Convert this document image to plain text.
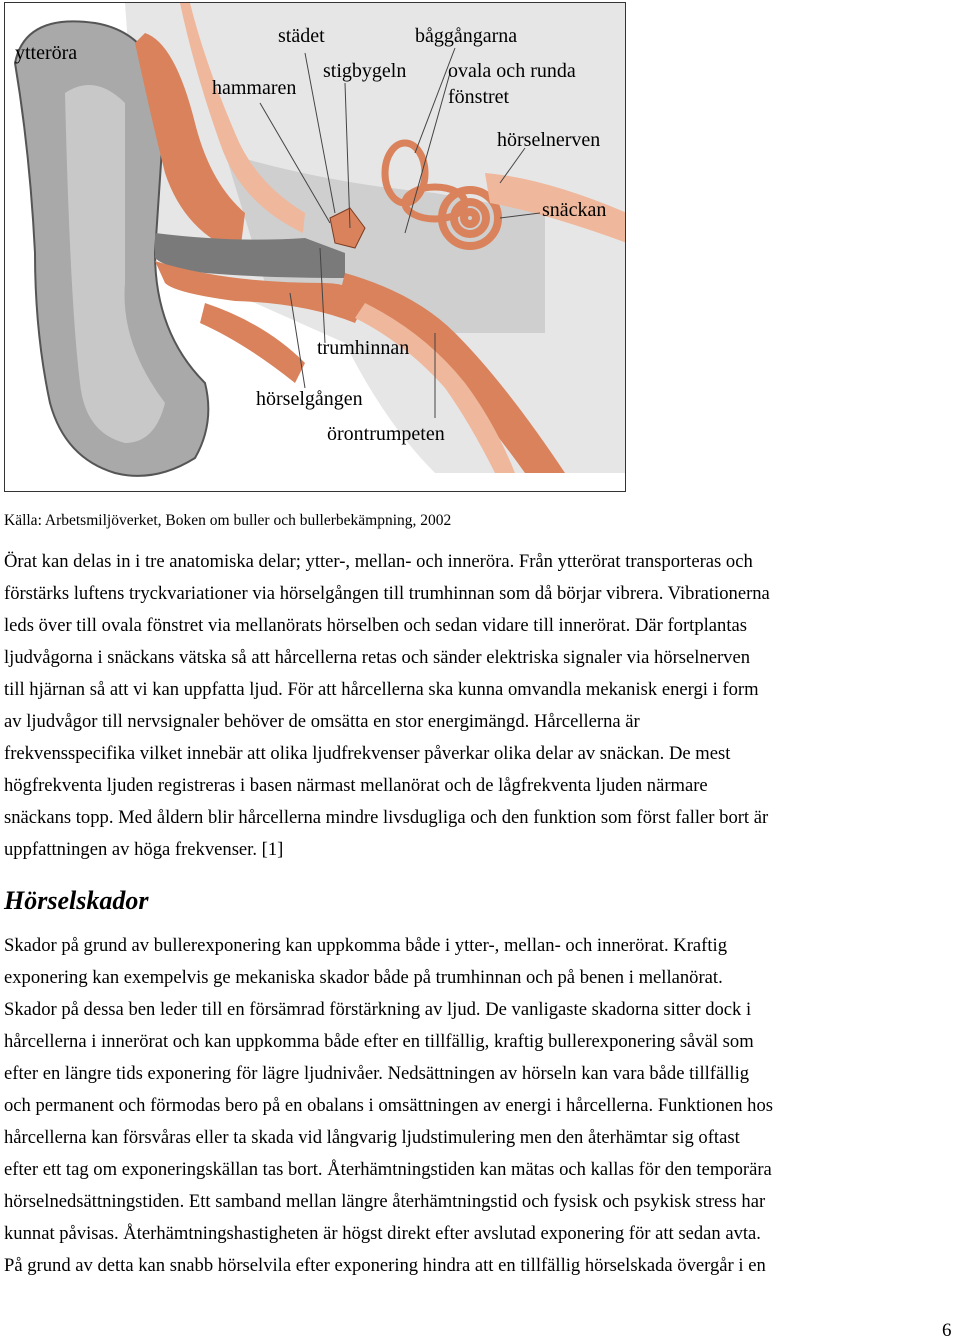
ytteröra
städet	båggångarna
hammaren
stigbygeln ovala och runda
fönstret
hörselnerven
snäckan
trumhinnan
hörselgången
örontrumpeten
Källa: Arbetsmiljöverket, Boken om buller och bullerbekämpning, 2002

Örat kan delas in i tre anatomiska delar; ytter-, mellan- och inneröra. Från ytterörat transporteras och

förstärks luftens tryckvariationer via hörselgången till trumhinnan som då börjar vibrera. Vibrationerna

leds över till ovala fönstret via mellanörats hörselben och sedan vidare till innerörat. Där fortplantas

ljudvågorna i snäckans vätska så att hårcellerna retas och sänder elektriska signaler via hörselnerven

till hjärnan så att vi kan uppfatta ljud. För att hårcellerna ska kunna omvandla mekanisk energi i form

av ljudvågor till nervsignaler behöver de omsätta en stor energimängd. Hårcellerna är

frekvensspecifika vilket innebär att olika ljudfrekvenser påverkar olika delar av snäckan. De mest

högfrekventa ljuden registreras i basen närmast mellanörat och de lågfrekventa ljuden närmare

snäckans topp. Med åldern blir hårcellerna mindre livsdugliga och den funktion som först faller bort är

uppfattningen av höga frekvenser. [1]

Hörselskador

Skador på grund av bullerexponering kan uppkomma både i ytter-, mellan- och innerörat. Kraftig

exponering kan exempelvis ge mekaniska skador både på trumhinnan och på benen i mellanörat.

Skador på dessa ben leder till en försämrad förstärkning av ljud. De vanligaste skadorna sitter dock i

hårcellerna i innerörat och kan uppkomma både efter en tillfällig, kraftig bullerexponering såväl som

efter en längre tids exponering för lägre ljudnivåer. Nedsättningen av hörseln kan vara både tillfällig

och permanent och förmodas bero på en obalans i omsättningen av energi i hårcellerna. Funktionen hos

hårcellerna kan försvåras eller ta skada vid långvarig ljudstimulering men den återhämtar sig oftast

efter ett tag om exponeringskällan tas bort. Återhämtningstiden kan mätas och kallas för den temporära

hörselnedsättningstiden. Ett samband mellan längre återhämtningstid och fysisk och psykisk stress har

kunnat påvisas. Återhämtningshastigheten är högst direkt efter avslutad exponering för att sedan avta.

På grund av detta kan snabb hörselvila efter exponering hindra att en tillfällig hörselskada övergår i en

6
